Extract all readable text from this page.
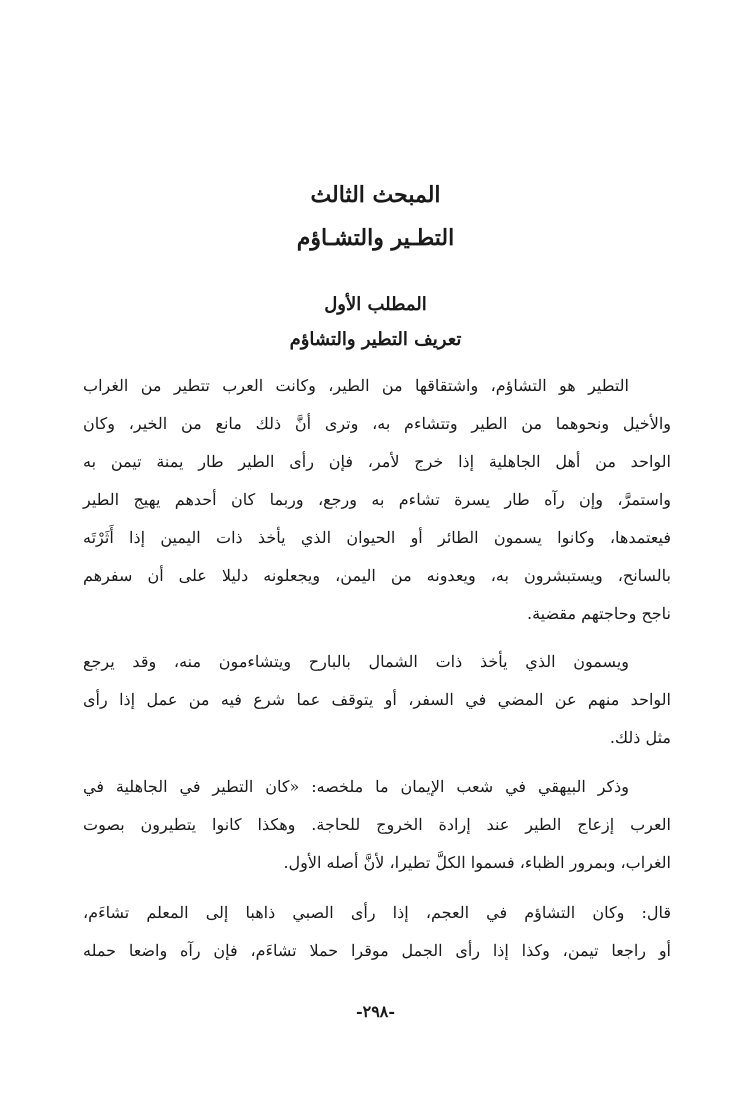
المبحث الثالث
التطـير والتشـاؤم
المطلب الأول
تعريف التطير والتشاؤم

التطير هو التشاؤم، واشتقاقها من الطير، وكانت العرب تتطير من الغراب
والأخيل ونحوهما من الطير وتتشاءم به، وترى أنَّ ذلك مانع من الخير، وكان
الواحد من أهل الجاهلية إذا خرج لأمر، فإن رأى الطير طار يمنة تيمن به
واستمرَّ، وإن رآه طار يسرة تشاءم به ورجع، وربما كان أحدهم يهيج الطير
فيعتمدها، وكانوا يسمون الطائر أو الحيوان الذي يأخذ ذات اليمين إذا أَثَرْتَه
بالسانح، ويستبشرون به، ويعدونه من اليمن، ويجعلونه دليلا على أن سفرهم
ناجح وحاجتهم مقضية.

ويسمون الذي يأخذ ذات الشمال بالبارح ويتشاءمون منه، وقد يرجع
الواحد منهم عن المضي في السفر، أو يتوقف عما شرع فيه من عمل إذا رأى
مثل ذلك.

وذكر البيهقي في شعب الإيمان ما ملخصه: «كان التطير في الجاهلية في
العرب إزعاج الطير عند إرادة الخروج للحاجة. وهكذا كانوا يتطيرون بصوت
الغراب، وبمرور الظباء، فسموا الكلَّ تطيرا، لأنَّ أصله الأول.

قال: وكان التشاؤم في العجم، إذا رأى الصبي ذاهبا إلى المعلم تشاءَم،
أو راجعا تيمن، وكذا إذا رأى الجمل موقرا حملا تشاءَم، فإن رآه واضعا حمله

-٢٩٨-
